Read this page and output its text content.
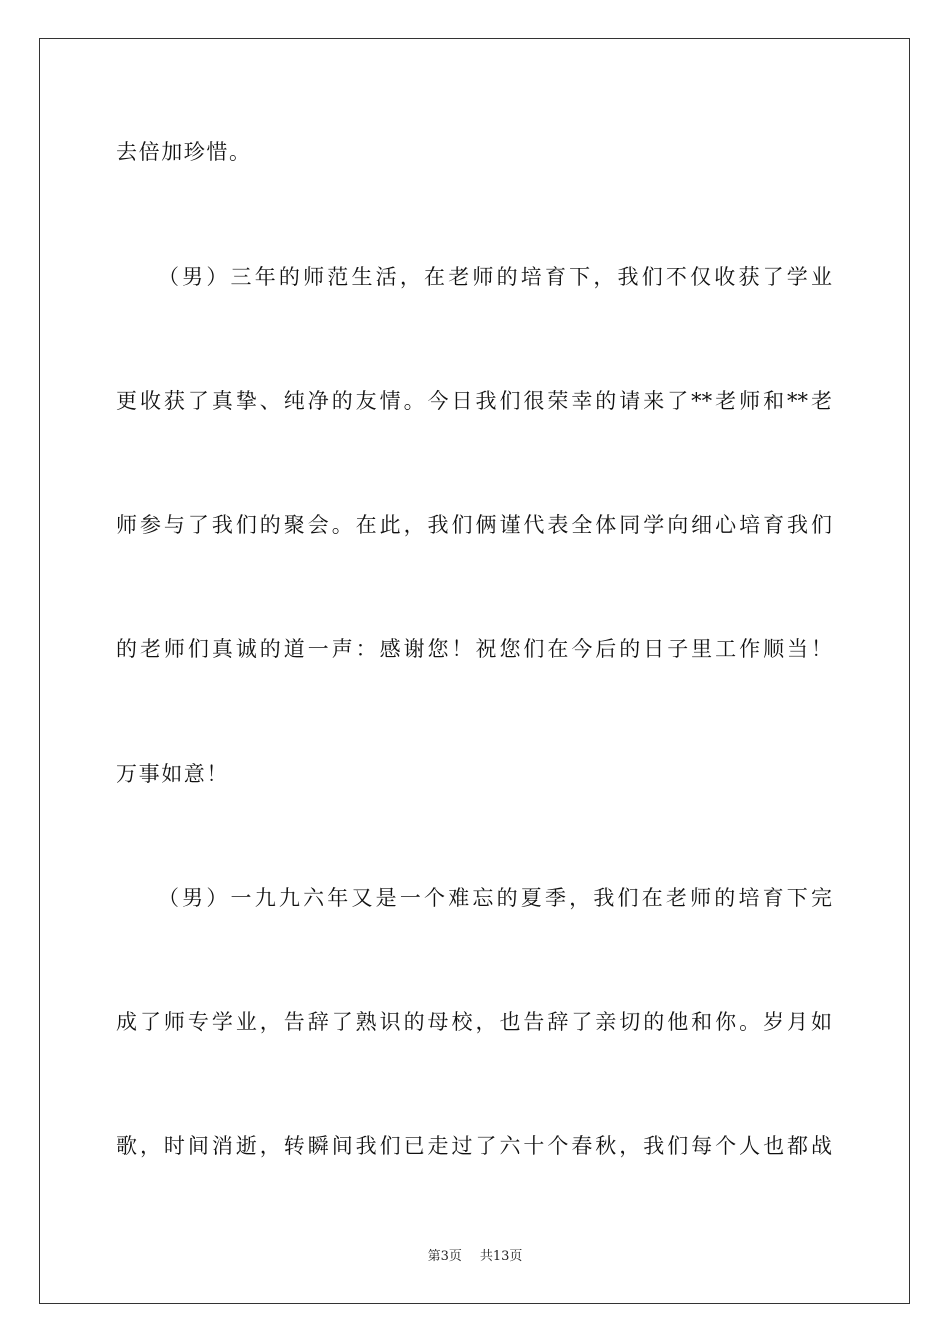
去倍加珍惜。
（男）三年的师范生活，在老师的培育下，我们不仅收获了学业
更收获了真挚、纯净的友情。今日我们很荣幸的请来了**老师和**老
师参与了我们的聚会。在此，我们俩谨代表全体同学向细心培育我们
的老师们真诚的道一声：感谢您！祝您们在今后的日子里工作顺当！
万事如意！
（男）一九九六年又是一个难忘的夏季，我们在老师的培育下完
成了师专学业，告辞了熟识的母校，也告辞了亲切的他和你。岁月如
歌，时间消逝，转瞬间我们已走过了六十个春秋，我们每个人也都战
第3页 共13页
